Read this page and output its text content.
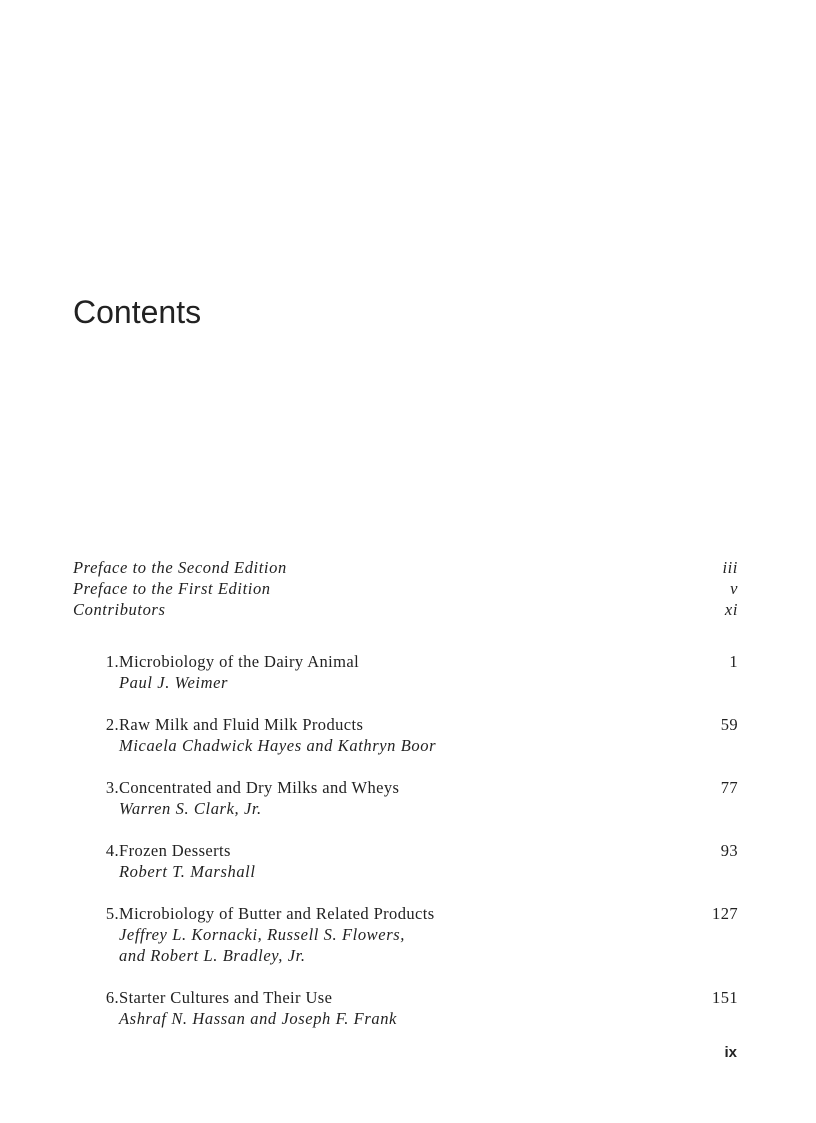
Contents
Preface to the Second Edition	iii
Preface to the First Edition	v
Contributors	xi
1. Microbiology of the Dairy Animal	1
Paul J. Weimer
2. Raw Milk and Fluid Milk Products	59
Micaela Chadwick Hayes and Kathryn Boor
3. Concentrated and Dry Milks and Wheys	77
Warren S. Clark, Jr.
4. Frozen Desserts	93
Robert T. Marshall
5. Microbiology of Butter and Related Products	127
Jeffrey L. Kornacki, Russell S. Flowers,
and Robert L. Bradley, Jr.
6. Starter Cultures and Their Use	151
Ashraf N. Hassan and Joseph F. Frank
ix
